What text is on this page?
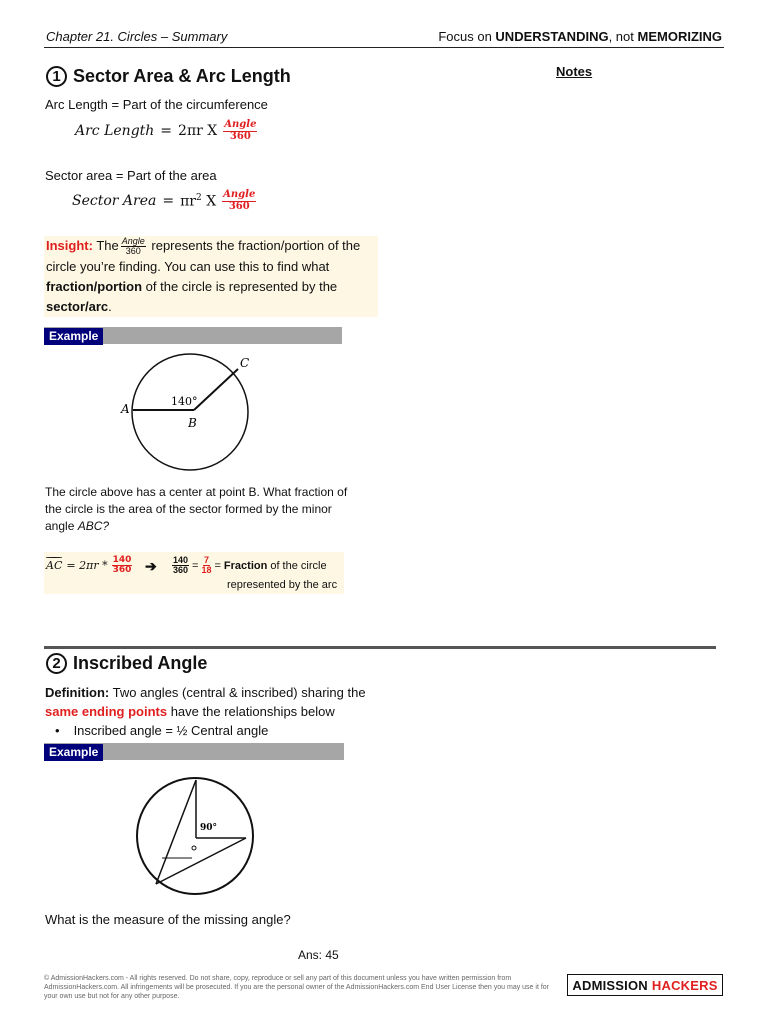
Chapter 21. Circles – Summary	Focus on UNDERSTANDING, not MEMORIZING
1 Sector Area & Arc Length	Notes
Arc Length = Part of the circumference
Arc Length = 2πr X $\frac{\text{Angle}}{360}$
Sector area = Part of the area
Sector Area = $\pi r^2$ X $\frac{\text{Angle}}{360}$
Insight: The $\frac{\text{Angle}}{360}$ represents the fraction/portion of the circle you’re finding. You can use this to find what fraction/portion of the circle is represented by the sector/arc.
Example
A
B
C
140°
The circle above has a center at point B. What fraction of the circle is the area of the sector formed by the minor angle ABC?
AC = $2\pi r * \frac{140}{360}$ ➔ $\frac{140}{360} = \frac{7}{18}$ = Fraction of the circle
represented by the arc
2 Inscribed Angle
Definition: Two angles (central & inscribed) sharing the same ending points have the relationships below
• Inscribed angle = ½ Central angle
Example
90°
What is the measure of the missing angle?
Ans: 45
© AdmissionHackers.com - All rights reserved. Do not share, copy, reproduce or sell any part of this document unless you have written permission from AdmissionHackers.com. All infringements will be prosecuted. If you are the personal owner of the AdmissionHackers.com End User License then you may use it for your own use but not for any other purpose.
ADMISSION HACKERS
